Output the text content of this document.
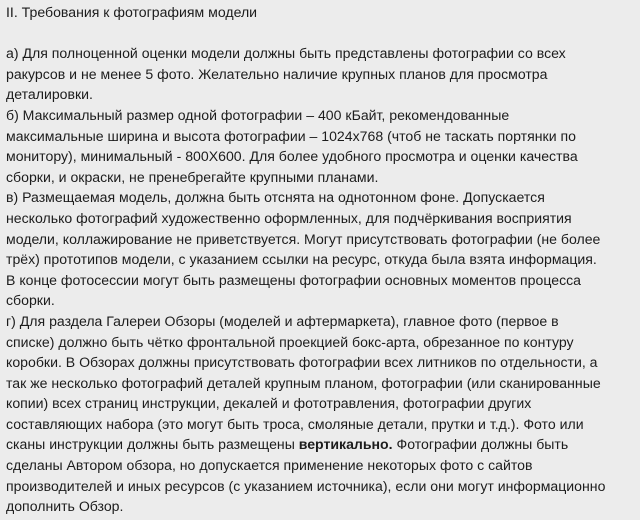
II. Требования к фотографиям модели
а) Для полноценной оценки модели должны быть представлены фотографии со всех
ракурсов и не менее 5 фото. Желательно наличие крупных планов для просмотра
деталировки.
б) Максимальный размер одной фотографии – 400 кБайт, рекомендованные
максимальные ширина и высота фотографии – 1024х768 (чтоб не таскать портянки по
монитору), минимальный - 800Х600. Для более удобного просмотра и оценки качества
сборки, и окраски, не пренебрегайте крупными планами.
в) Размещаемая модель, должна быть отснята на однотонном фоне. Допускается
несколько фотографий художественно оформленных, для подчёркивания восприятия
модели, коллажирование не приветствуется. Могут присутствовать фотографии (не более
трёх) прототипов модели, с указанием ссылки на ресурс, откуда была взята информация.
В конце фотосессии могут быть размещены фотографии основных моментов процесса
сборки.
г) Для раздела Галереи Обзоры (моделей и афтермаркета), главное фото (первое в
списке) должно быть чётко фронтальной проекцией бокс-арта, обрезанное по контуру
коробки. В Обзорах должны присутствовать фотографии всех литников по отдельности, а
так же несколько фотографий деталей крупным планом, фотографии (или сканированные
копии) всех страниц инструкции, декалей и фототравления, фотографии других
составляющих набора (это могут быть троса, смоляные детали, прутки и т.д.). Фото или
сканы инструкции должны быть размещены вертикально. Фотографии должны быть
сделаны Автором обзора, но допускается применение некоторых фото с сайтов
производителей и иных ресурсов (с указанием источника), если они могут информационно
дополнить Обзор.
